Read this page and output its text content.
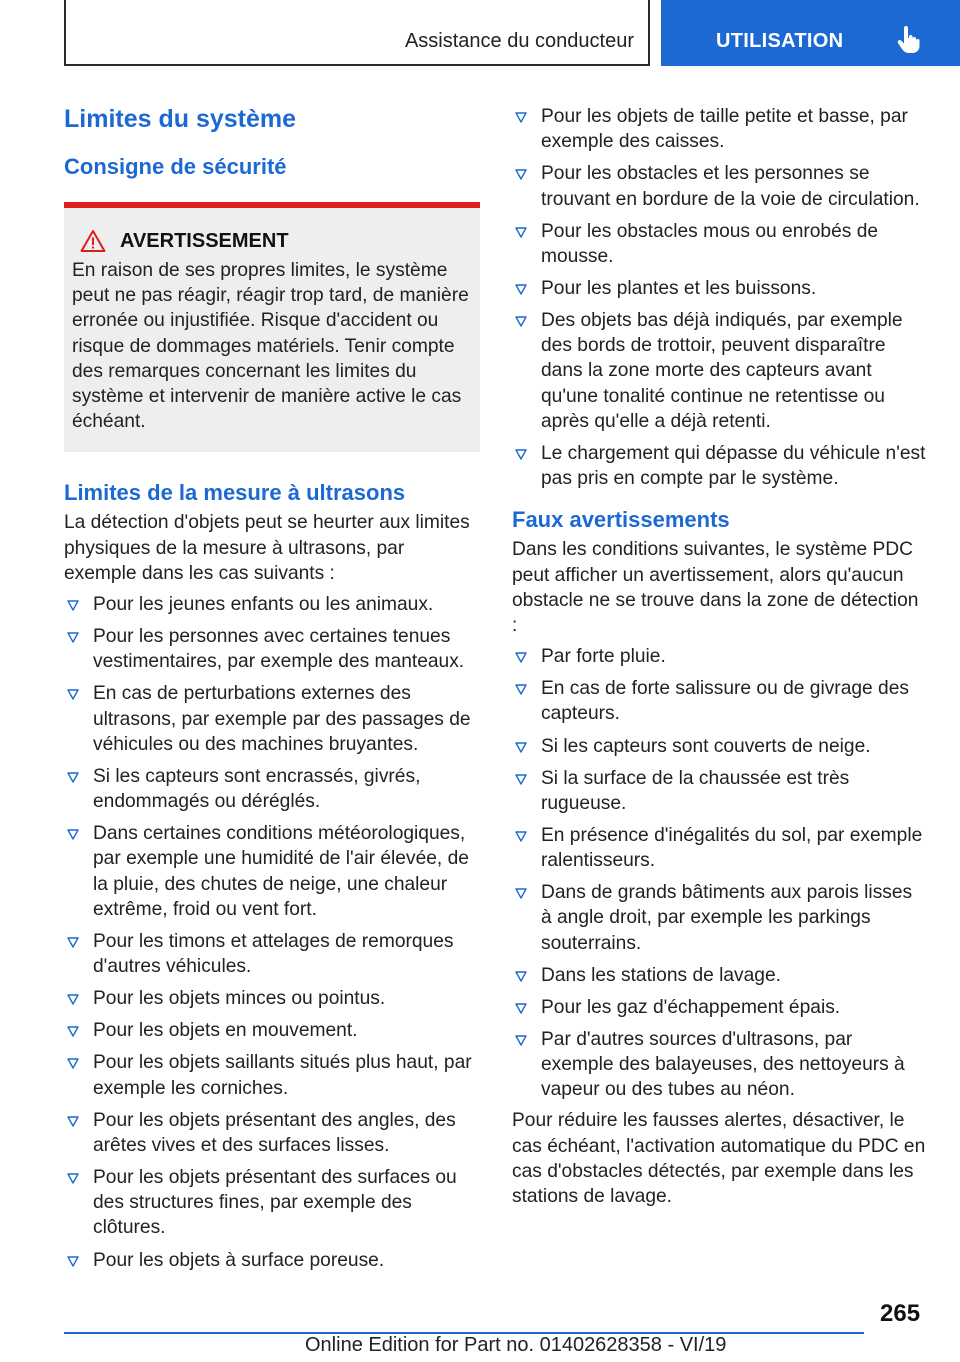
Assistance du conducteur	UTILISATION
Limites du système
Consigne de sécurité
AVERTISSEMENT
En raison de ses propres limites, le système peut ne pas réagir, réagir trop tard, de manière erronée ou injustifiée. Risque d'accident ou risque de dommages matériels. Tenir compte des remarques concernant les limites du système et intervenir de manière active le cas échéant.
Limites de la mesure à ultrasons

La détection d'objets peut se heurter aux limites physiques de la mesure à ultrasons, par exemple dans les cas suivants :

Pour les jeunes enfants ou les animaux.
Pour les personnes avec certaines tenues vestimentaires, par exemple des manteaux.
En cas de perturbations externes des ultrasons, par exemple par des passages de véhicules ou des machines bruyantes.
Si les capteurs sont encrassés, givrés, endommagés ou déréglés.
Dans certaines conditions météorologiques, par exemple une humidité de l'air élevée, de la pluie, des chutes de neige, une chaleur extrême, froid ou vent fort.
Pour les timons et attelages de remorques d'autres véhicules.
Pour les objets minces ou pointus.
Pour les objets en mouvement.
Pour les objets saillants situés plus haut, par exemple les corniches.
Pour les objets présentant des angles, des arêtes vives et des surfaces lisses.
Pour les objets présentant des surfaces ou des structures fines, par exemple des clôtures.
Pour les objets à surface poreuse.
Pour les objets de taille petite et basse, par exemple des caisses.
Pour les obstacles et les personnes se trouvant en bordure de la voie de circulation.
Pour les obstacles mous ou enrobés de mousse.
Pour les plantes et les buissons.
Des objets bas déjà indiqués, par exemple des bords de trottoir, peuvent disparaître dans la zone morte des capteurs avant qu'une tonalité continue ne retentisse ou après qu'elle a déjà retenti.
Le chargement qui dépasse du véhicule n'est pas pris en compte par le système.
Faux avertissements

Dans les conditions suivantes, le système PDC peut afficher un avertissement, alors qu'aucun obstacle ne se trouve dans la zone de détection :

Par forte pluie.
En cas de forte salissure ou de givrage des capteurs.
Si les capteurs sont couverts de neige.
Si la surface de la chaussée est très rugueuse.
En présence d'inégalités du sol, par exemple ralentisseurs.
Dans de grands bâtiments aux parois lisses à angle droit, par exemple les parkings souterrains.
Dans les stations de lavage.
Pour les gaz d'échappement épais.
Par d'autres sources d'ultrasons, par exemple des balayeuses, des nettoyeurs à vapeur ou des tubes au néon.

Pour réduire les fausses alertes, désactiver, le cas échéant, l'activation automatique du PDC en cas d'obstacles détectés, par exemple dans les stations de lavage.

265
Online Edition for Part no. 01402628358 - VI/19
